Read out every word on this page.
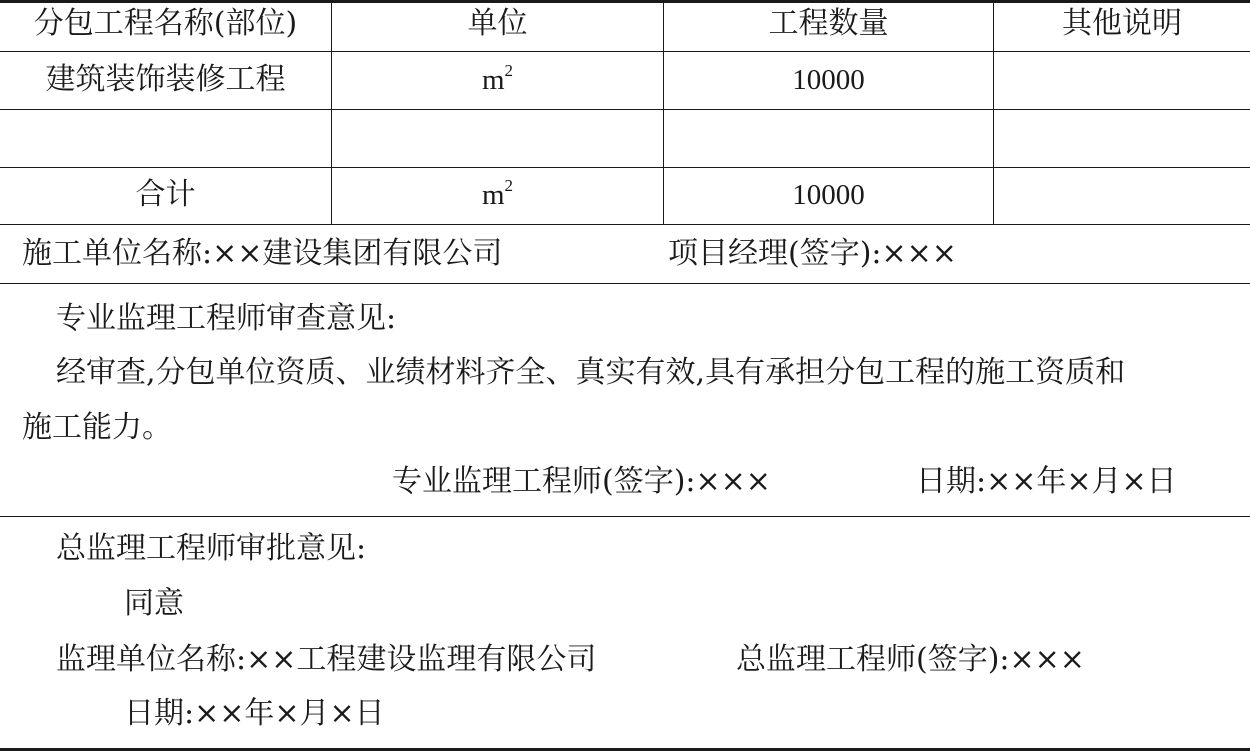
分包工程名称(部位)	单位	工程数量	其他说明
建筑装饰装修工程	$m^2$	10000
合计	$m^2$	10000
施工单位名称:××建设集团有限公司	项目经理(签字):×××
专业监理工程师审查意见:
经审查,分包单位资质、业绩材料齐全、真实有效,具有承担分包工程的施工资质和
施工能力。
专业监理工程师(签字):×××	日期:××年×月×日
总监理工程师审批意见:
同意
监理单位名称:××工程建设监理有限公司	总监理工程师(签字):×××
日期:××年×月×日
